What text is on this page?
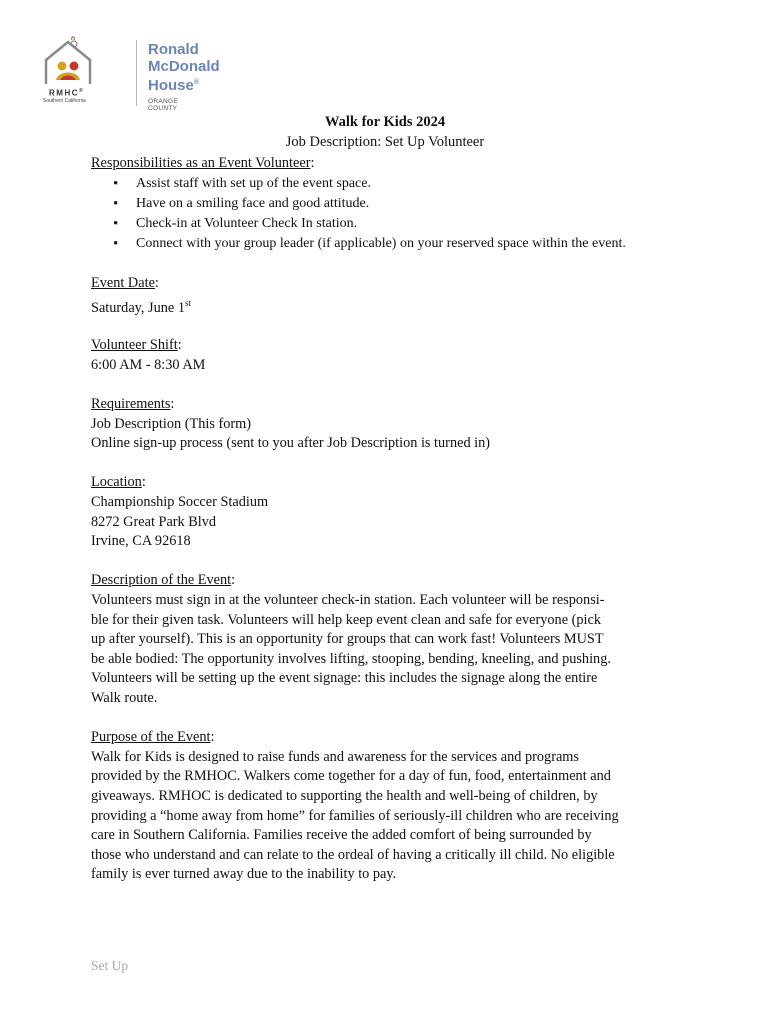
RMHC®
Southern California
Ronald
McDonald
House®
ORANGE COUNTY
Walk for Kids 2024
Job Description: Set Up Volunteer
Responsibilities as an Event Volunteer:
• Assist staff with set up of the event space.
• Have on a smiling face and good attitude.
• Check-in at Volunteer Check In station.
• Connect with your group leader (if applicable) on your reserved space within the event.
Event Date:
Saturday, June 1st
Volunteer Shift:
6:00 AM - 8:30 AM
Requirements:
Job Description (This form)
Online sign-up process (sent to you after Job Description is turned in)
Location:
Championship Soccer Stadium
8272 Great Park Blvd
Irvine, CA 92618
Description of the Event:
Volunteers must sign in at the volunteer check-in station. Each volunteer will be responsi-
ble for their given task. Volunteers will help keep event clean and safe for everyone (pick
up after yourself). This is an opportunity for groups that can work fast! Volunteers MUST
be able bodied: The opportunity involves lifting, stooping, bending, kneeling, and pushing.
Volunteers will be setting up the event signage: this includes the signage along the entire
Walk route.
Purpose of the Event:
Walk for Kids is designed to raise funds and awareness for the services and programs
provided by the RMHOC. Walkers come together for a day of fun, food, entertainment and
giveaways. RMHOC is dedicated to supporting the health and well-being of children, by
providing a “home away from home” for families of seriously-ill children who are receiving
care in Southern California. Families receive the added comfort of being surrounded by
those who understand and can relate to the ordeal of having a critically ill child. No eligible
family is ever turned away due to the inability to pay.
Set Up
